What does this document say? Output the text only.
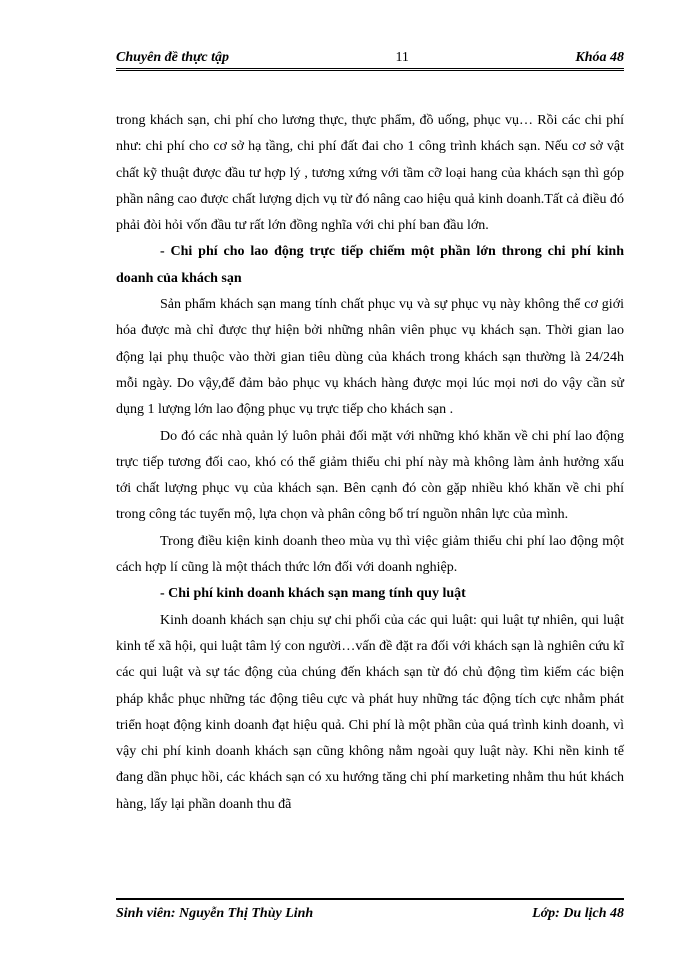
Chuyên đề thực tập	11	Khóa 48

trong khách sạn, chi phí cho lương thực, thực phẩm, đồ uống, phục vụ… Rồi các chi phí như: chi phí cho cơ sở hạ tầng, chi phí đất đai cho 1 công trình khách sạn. Nếu cơ sở vật chất kỹ thuật được đầu tư hợp lý , tương xứng với tầm cỡ loại hang của khách sạn thì góp phần nâng cao được chất lượng dịch vụ từ đó nâng cao hiệu quả kinh doanh.Tất cả điều đó phải đòi hỏi vốn đầu tư rất lớn đồng nghĩa với chi phí ban đầu lớn.

- Chi phí cho lao động trực tiếp chiếm một phần lớn throng chi phí kinh doanh của khách sạn

Sản phẩm khách sạn mang tính chất phục vụ và sự phục vụ này không thể cơ giới hóa được mà chỉ được thự hiện bởi những nhân viên phục vụ khách sạn. Thời gian lao động lại phụ thuộc vào thời gian tiêu dùng của khách trong khách sạn thường là 24/24h mỗi ngày. Do vậy,để đảm bảo phục vụ khách hàng được mọi lúc mọi nơi do vậy cần sử dụng 1 lượng lớn lao động phục vụ trực tiếp cho khách sạn .

Do đó các nhà quản lý luôn phải đối mặt với những khó khăn về chi phí lao động trực tiếp tương đối cao, khó có thể giảm thiểu chi phí này mà không làm ảnh hưởng xấu tới chất lượng phục vụ của khách sạn. Bên cạnh đó còn gặp nhiều khó khăn về chi phí trong công tác tuyển mộ, lựa chọn và phân công bố trí nguồn nhân lực của mình.

Trong điều kiện kinh doanh theo mùa vụ thì việc giảm thiểu chi phí lao động một cách hợp lí cũng là một thách thức lớn đối với doanh nghiệp.

- Chi phí kinh doanh khách sạn mang tính quy luật

Kinh doanh khách sạn chịu sự chi phối của các qui luật: qui luật tự nhiên, qui luật kinh tế xã hội, qui luật tâm lý con người…vấn đề đặt ra đối với khách sạn là nghiên cứu kĩ các qui luật và sự tác động của chúng đến khách sạn từ đó chủ động tìm kiếm các biện pháp khắc phục những tác động tiêu cực và phát huy những tác động tích cực nhằm phát triển hoạt động kinh doanh đạt hiệu quả. Chi phí là một phần của quá trình kinh doanh, vì vậy chi phí kinh doanh khách sạn cũng không nằm ngoài quy luật này. Khi nền kinh tế đang dần phục hồi, các khách sạn có xu hướng tăng chi phí marketing nhằm thu hút khách hàng, lấy lại phần doanh thu đã

Sinh viên: Nguyễn Thị Thùy Linh	Lớp: Du lịch 48
